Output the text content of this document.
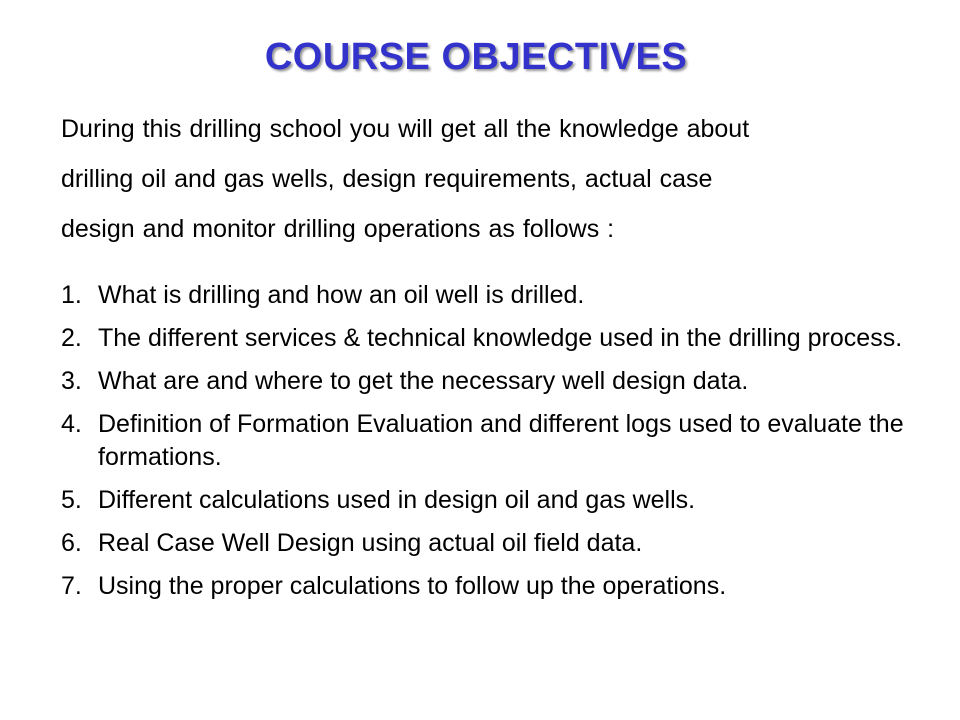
COURSE OBJECTIVES

During this drilling school you will get all the knowledge about
drilling oil and gas wells, design requirements, actual case
design and monitor drilling operations as follows :

1. What is drilling and how an oil well is drilled.
2. The different services & technical knowledge used in the drilling process.
3. What are and where to get the necessary well design data.
4. Definition of Formation Evaluation and different logs used to evaluate the formations.
5. Different calculations used in design oil and gas wells.
6. Real Case Well Design using actual oil field data.
7. Using the proper calculations to follow up the operations.
